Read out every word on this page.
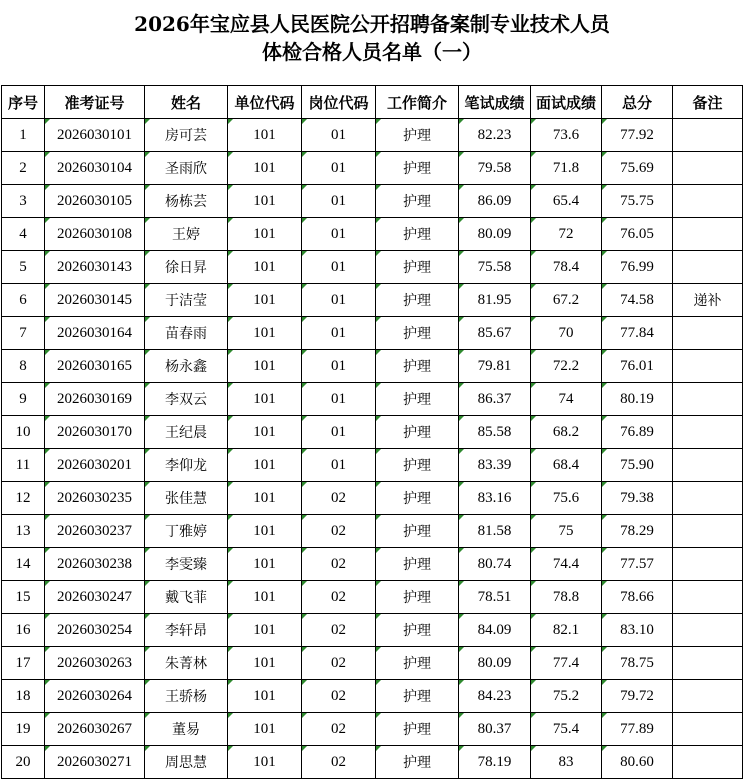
2026年宝应县人民医院公开招聘备案制专业技术人员
体检合格人员名单（一）
序号	准考证号	姓名	单位代码	岗位代码	工作简介	笔试成绩	面试成绩	总分	备注
1	2026030101	房可芸	101	01	护理	82.23	73.6	77.92	
2	2026030104	圣雨欣	101	01	护理	79.58	71.8	75.69	
3	2026030105	杨栋芸	101	01	护理	86.09	65.4	75.75	
4	2026030108	王婷	101	01	护理	80.09	72	76.05	
5	2026030143	徐日昇	101	01	护理	75.58	78.4	76.99	
6	2026030145	于洁莹	101	01	护理	81.95	67.2	74.58	递补
7	2026030164	苗春雨	101	01	护理	85.67	70	77.84	
8	2026030165	杨永鑫	101	01	护理	79.81	72.2	76.01	
9	2026030169	李双云	101	01	护理	86.37	74	80.19	
10	2026030170	王纪晨	101	01	护理	85.58	68.2	76.89	
11	2026030201	李仰龙	101	01	护理	83.39	68.4	75.90	
12	2026030235	张佳慧	101	02	护理	83.16	75.6	79.38	
13	2026030237	丁雅婷	101	02	护理	81.58	75	78.29	
14	2026030238	李雯臻	101	02	护理	80.74	74.4	77.57	
15	2026030247	戴飞菲	101	02	护理	78.51	78.8	78.66	
16	2026030254	李轩昂	101	02	护理	84.09	82.1	83.10	
17	2026030263	朱菁林	101	02	护理	80.09	77.4	78.75	
18	2026030264	王骄杨	101	02	护理	84.23	75.2	79.72	
19	2026030267	董易	101	02	护理	80.37	75.4	77.89	
20	2026030271	周思慧	101	02	护理	78.19	83	80.60	
